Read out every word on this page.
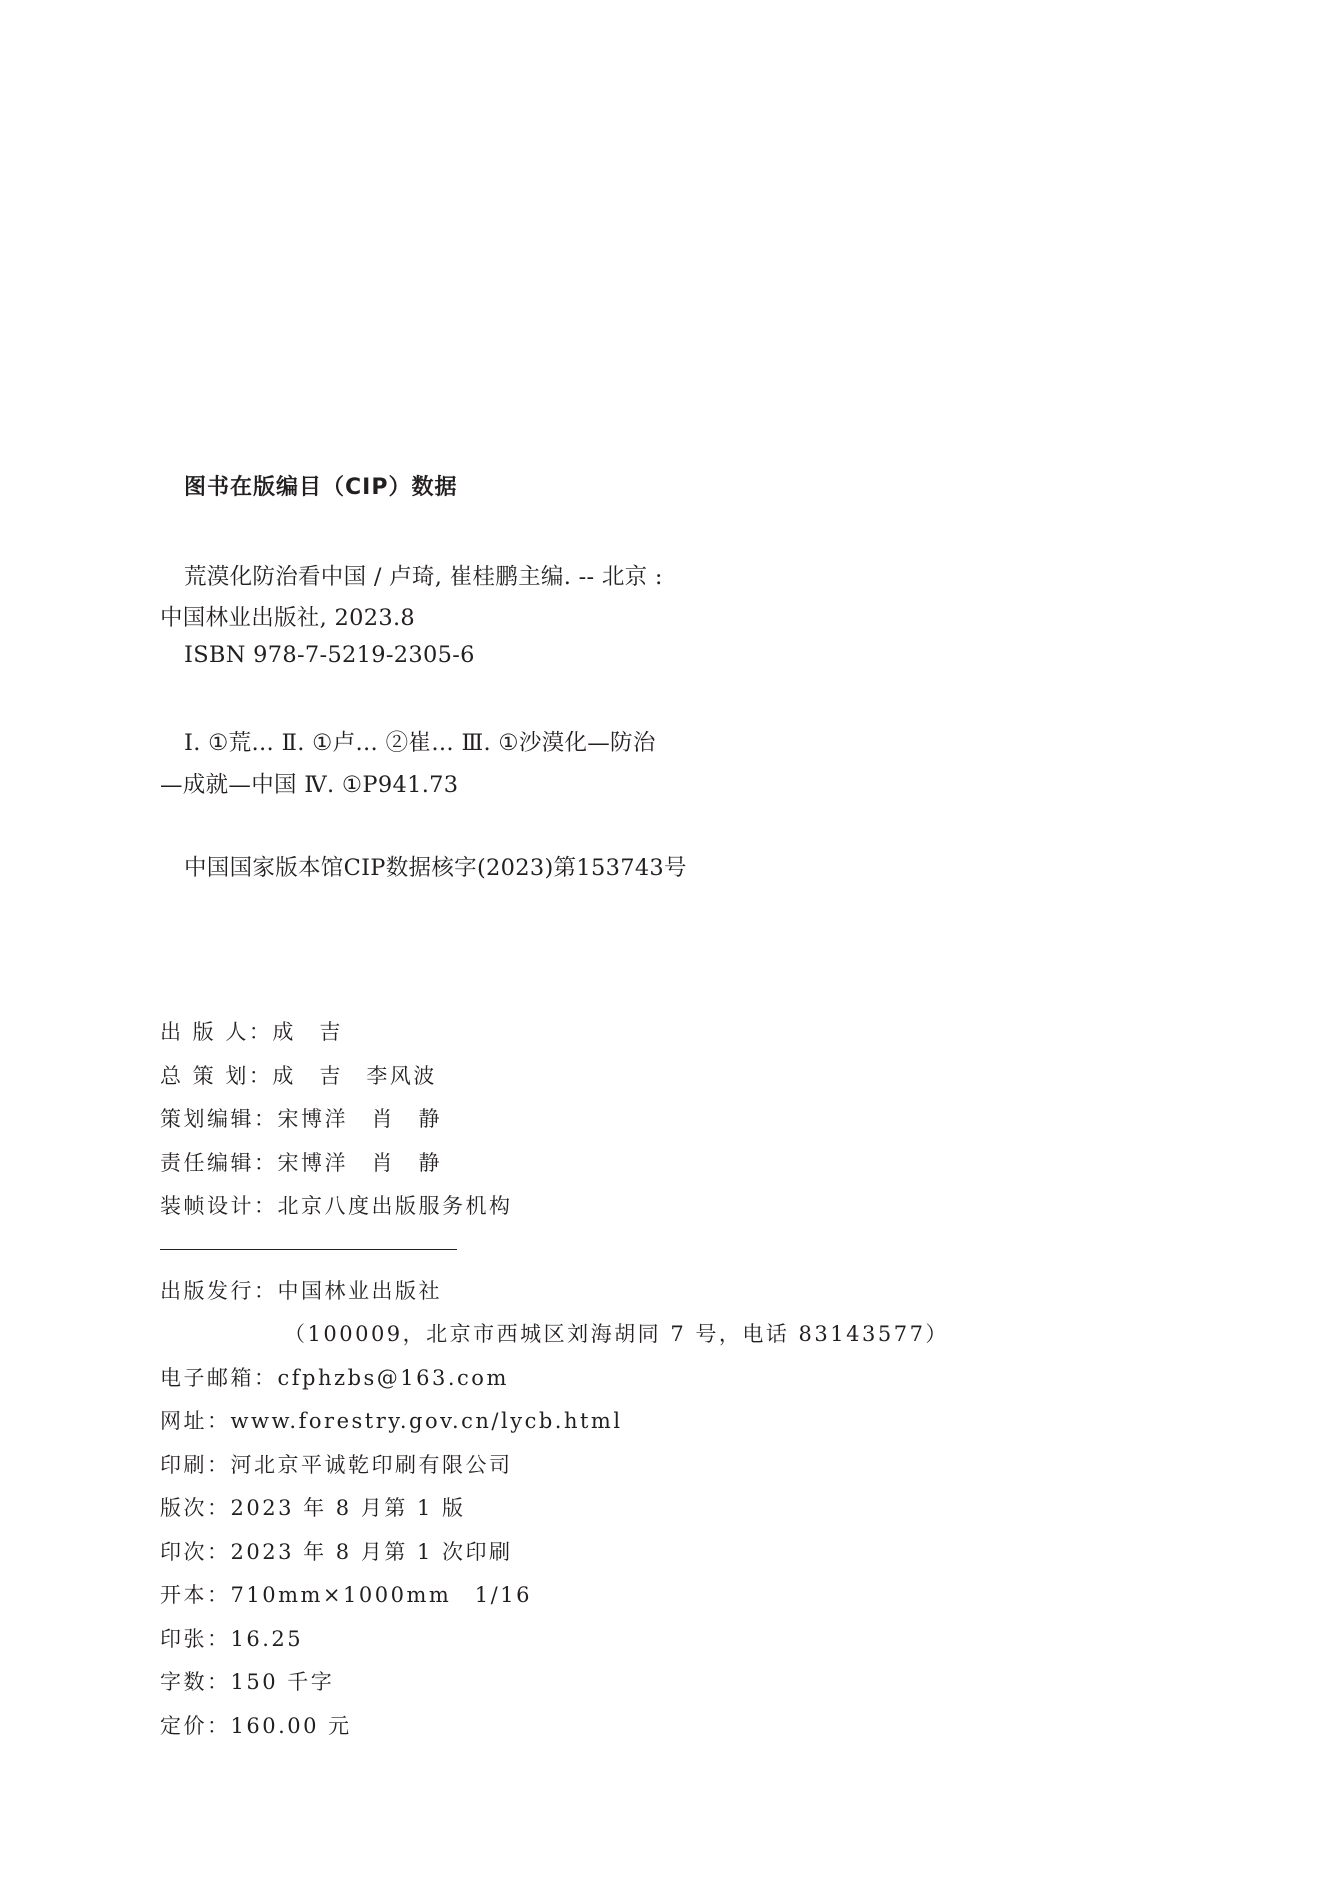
图书在版编目（CIP）数据
荒漠化防治看中国 / 卢琦, 崔桂鹏主编. -- 北京 :
中国林业出版社, 2023.8
ISBN 978-7-5219-2305-6
Ⅰ. ①荒… Ⅱ. ①卢… ②崔… Ⅲ. ①沙漠化—防治
—成就—中国 Ⅳ. ①P941.73
中国国家版本馆CIP数据核字(2023)第153743号
出 版 人： 成　吉
总 策 划： 成　吉　李风波
策划编辑： 宋博洋　肖　静
责任编辑： 宋博洋　肖　静
装帧设计： 北京八度出版服务机构
出版发行： 中国林业出版社
（100009，北京市西城区刘海胡同 7 号，电话 83143577）
电子邮箱： cfphzbs@163.com
网址： www.forestry.gov.cn/lycb.html
印刷： 河北京平诚乾印刷有限公司
版次： 2023 年 8 月第 1 版
印次： 2023 年 8 月第 1 次印刷
开本： 710mm×1000mm　1/16
印张： 16.25
字数： 150 千字
定价： 160.00 元
